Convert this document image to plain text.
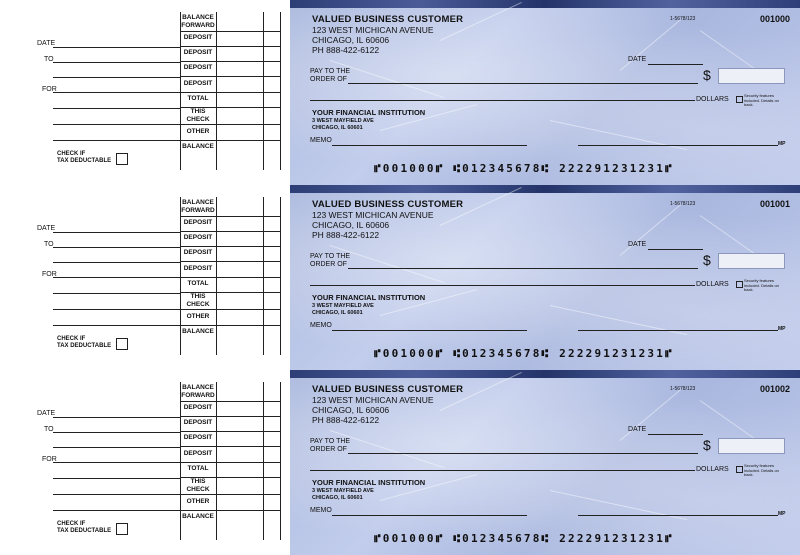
BALANCE
FORWARD
DEPOSIT
DEPOSIT
DEPOSIT
DEPOSIT
TOTAL
THIS
CHECK
OTHER
BALANCE
DATE
TO
FOR
CHECK IF
TAX DEDUCTABLE
VALUED BUSINESS CUSTOMER
123 WEST MICHICAN AVENUE
CHICAGO, IL 60606
PH 888-422-6122
1-5678/123	001000
DATE
PAY TO THE
ORDER OF	$
DOLLARS
Security features included. Details on back.
YOUR FINANCIAL INSTITUTION
3 WEST MAYFIELD AVE
CHICAGO, IL 60601
MEMO	MP
⑈001000⑈ ⑆012345678⑆ 222291231231⑈
BALANCE
FORWARD
DEPOSIT
DEPOSIT
DEPOSIT
DEPOSIT
TOTAL
THIS
CHECK
OTHER
BALANCE
DATE
TO
FOR
CHECK IF
TAX DEDUCTABLE
VALUED BUSINESS CUSTOMER
123 WEST MICHICAN AVENUE
CHICAGO, IL 60606
PH 888-422-6122
1-5678/123	001001
DATE
PAY TO THE
ORDER OF	$
DOLLARS
Security features included. Details on back.
YOUR FINANCIAL INSTITUTION
3 WEST MAYFIELD AVE
CHICAGO, IL 60601
MEMO	MP
⑈001000⑈ ⑆012345678⑆ 222291231231⑈
BALANCE
FORWARD
DEPOSIT
DEPOSIT
DEPOSIT
DEPOSIT
TOTAL
THIS
CHECK
OTHER
BALANCE
DATE
TO
FOR
CHECK IF
TAX DEDUCTABLE
VALUED BUSINESS CUSTOMER
123 WEST MICHICAN AVENUE
CHICAGO, IL 60606
PH 888-422-6122
1-5678/123	001002
DATE
PAY TO THE
ORDER OF	$
DOLLARS
Security features included. Details on back.
YOUR FINANCIAL INSTITUTION
3 WEST MAYFIELD AVE
CHICAGO, IL 60601
MEMO	MP
⑈001000⑈ ⑆012345678⑆ 222291231231⑈
